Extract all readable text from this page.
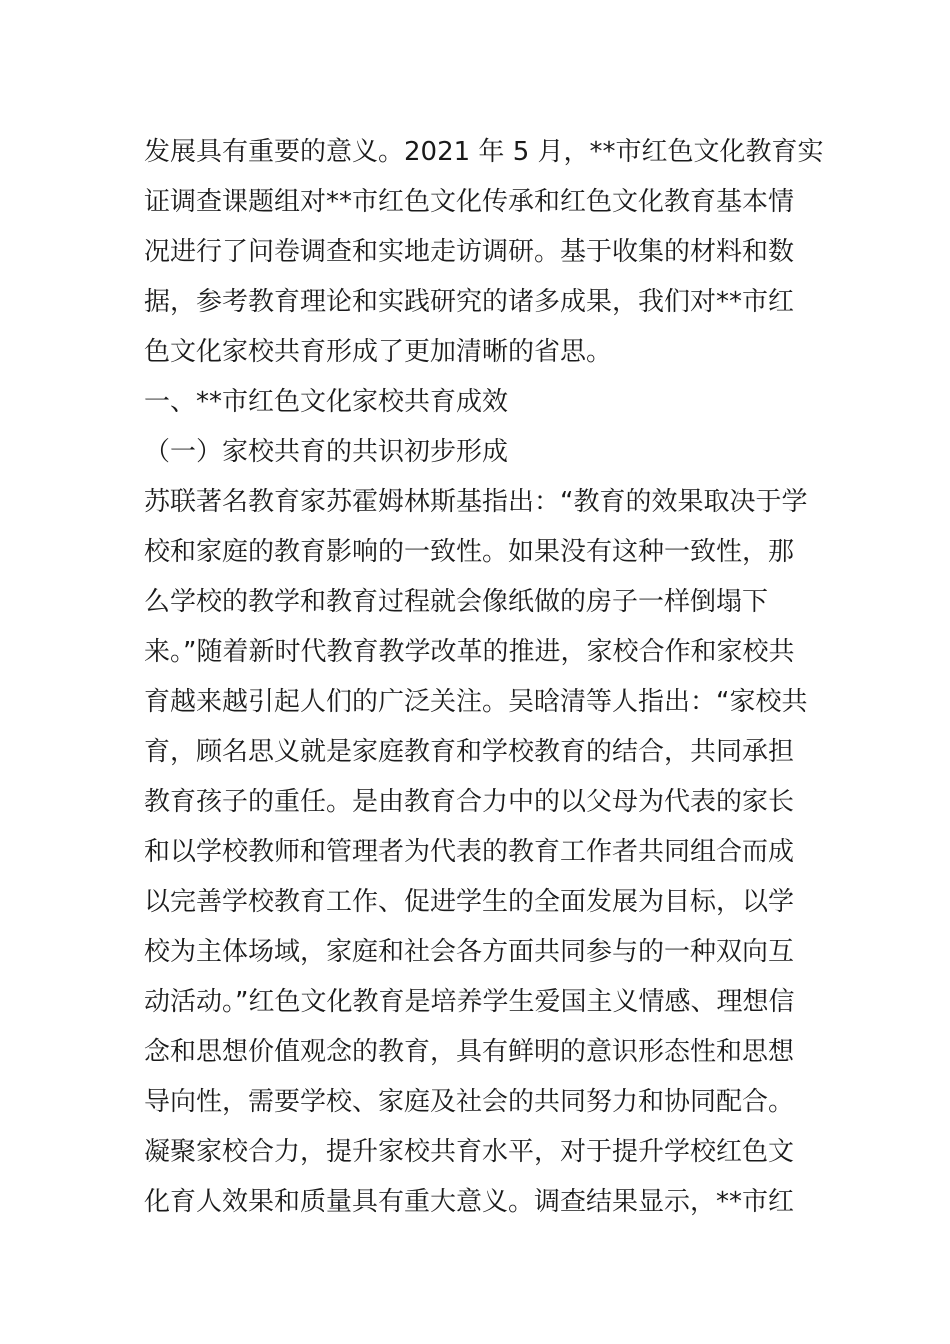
发展具有重要的意义。2021 年 5 月，**市红色文化教育实
证调查课题组对**市红色文化传承和红色文化教育基本情
况进行了问卷调查和实地走访调研。基于收集的材料和数
据，参考教育理论和实践研究的诸多成果，我们对**市红
色文化家校共育形成了更加清晰的省思。
一、**市红色文化家校共育成效
（一）家校共育的共识初步形成
苏联著名教育家苏霍姆林斯基指出：“教育的效果取决于学
校和家庭的教育影响的一致性。如果没有这种一致性，那
么学校的教学和教育过程就会像纸做的房子一样倒塌下
来。”随着新时代教育教学改革的推进，家校合作和家校共
育越来越引起人们的广泛关注。吴晗清等人指出：“家校共
育，顾名思义就是家庭教育和学校教育的结合，共同承担
教育孩子的重任。是由教育合力中的以父母为代表的家长
和以学校教师和管理者为代表的教育工作者共同组合而成
以完善学校教育工作、促进学生的全面发展为目标，以学
校为主体场域，家庭和社会各方面共同参与的一种双向互
动活动。”红色文化教育是培养学生爱国主义情感、理想信
念和思想价值观念的教育，具有鲜明的意识形态性和思想
导向性，需要学校、家庭及社会的共同努力和协同配合。
凝聚家校合力，提升家校共育水平，对于提升学校红色文
化育人效果和质量具有重大意义。调查结果显示，**市红
